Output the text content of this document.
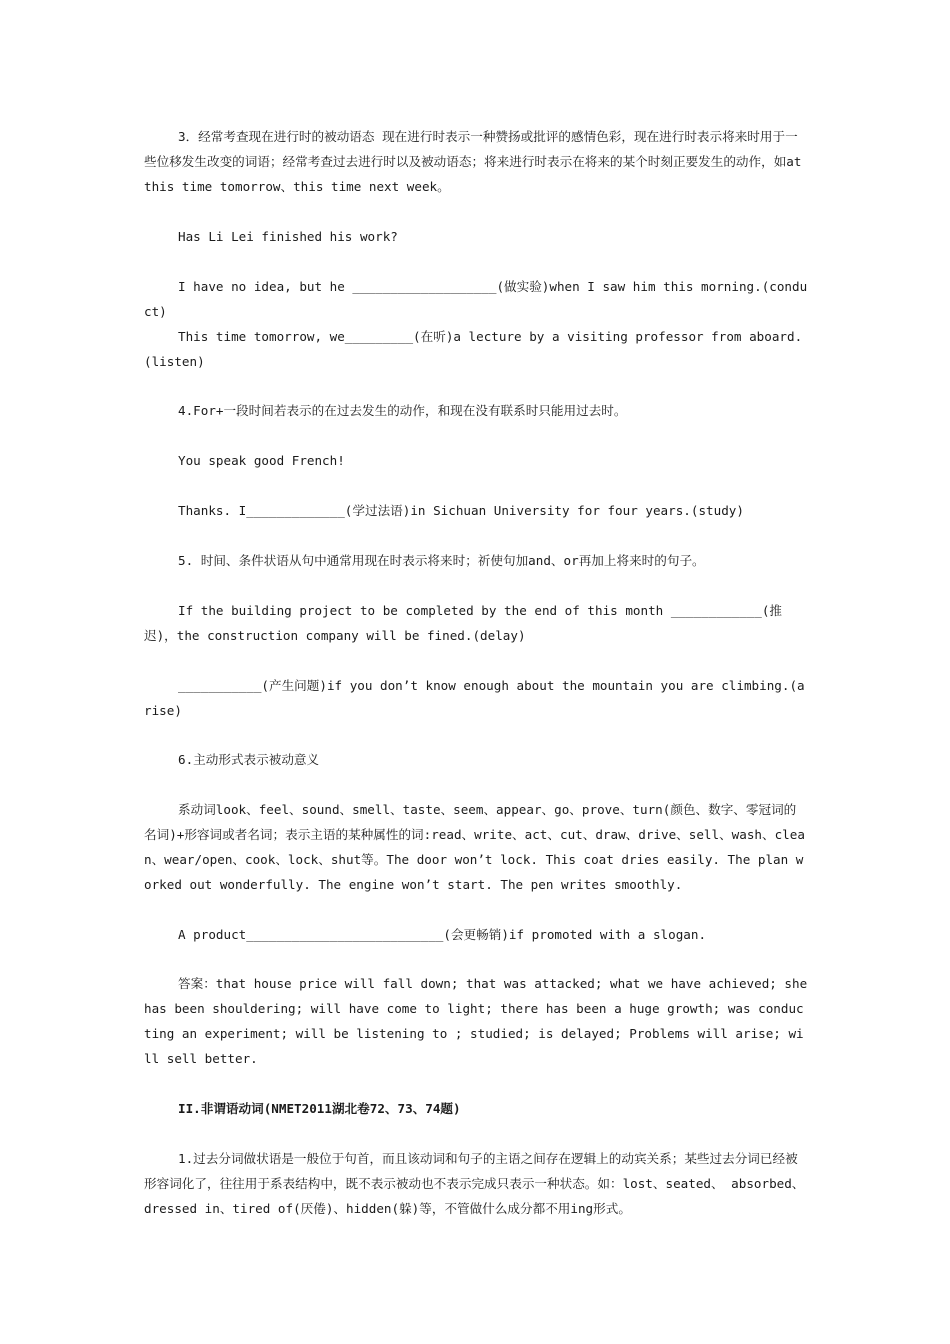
3．经常考查现在进行时的被动语态 现在进行时表示一种赞扬或批评的感情色彩，现在进行时表示将来时用于一些位移发生改变的词语；经常考查过去进行时以及被动语态；将来进行时表示在将来的某个时刻正要发生的动作，如at this time tomorrow、this time next week。

Has Li Lei finished his work?

I have no idea, but he ___________________(做实验)when I saw him this morning.(conduct)

This time tomorrow, we_________(在听)a lecture by a visiting professor from aboard.(listen)

4.For+一段时间若表示的在过去发生的动作，和现在没有联系时只能用过去时。

You speak good French!

Thanks. I_____________(学过法语)in Sichuan University for four years.(study)

5. 时间、条件状语从句中通常用现在时表示将来时；祈使句加and、or再加上将来时的句子。

If the building project to be completed by the end of this month ____________(推迟)，the construction company will be fined.(delay)

___________(产生问题)if you don’t know enough about the mountain you are climbing.(arise)

6.主动形式表示被动意义

系动词look、feel、sound、smell、taste、seem、appear、go、prove、turn(颜色、数字、零冠词的名词)+形容词或者名词；表示主语的某种属性的词:read、write、act、cut、draw、drive、sell、wash、clean、wear/open、cook、lock、shut等。The door won’t lock. This coat dries easily. The plan worked out wonderfully. The engine won’t start. The pen writes smoothly.

A product__________________________(会更畅销)if promoted with a slogan.

答案：that house price will fall down; that was attacked; what we have achieved; she has been shouldering; will have come to light; there has been a huge growth; was conducting an experiment; will be listening to ; studied; is delayed; Problems will arise; will sell better.

II.非谓语动词(NMET2011湖北卷72、73、74题)

1.过去分词做状语是一般位于句首，而且该动词和句子的主语之间存在逻辑上的动宾关系；某些过去分词已经被形容词化了，往往用于系表结构中，既不表示被动也不表示完成只表示一种状态。如：lost、seated、 absorbed、dressed in、tired of(厌倦)、hidden(躲)等，不管做什么成分都不用ing形式。
